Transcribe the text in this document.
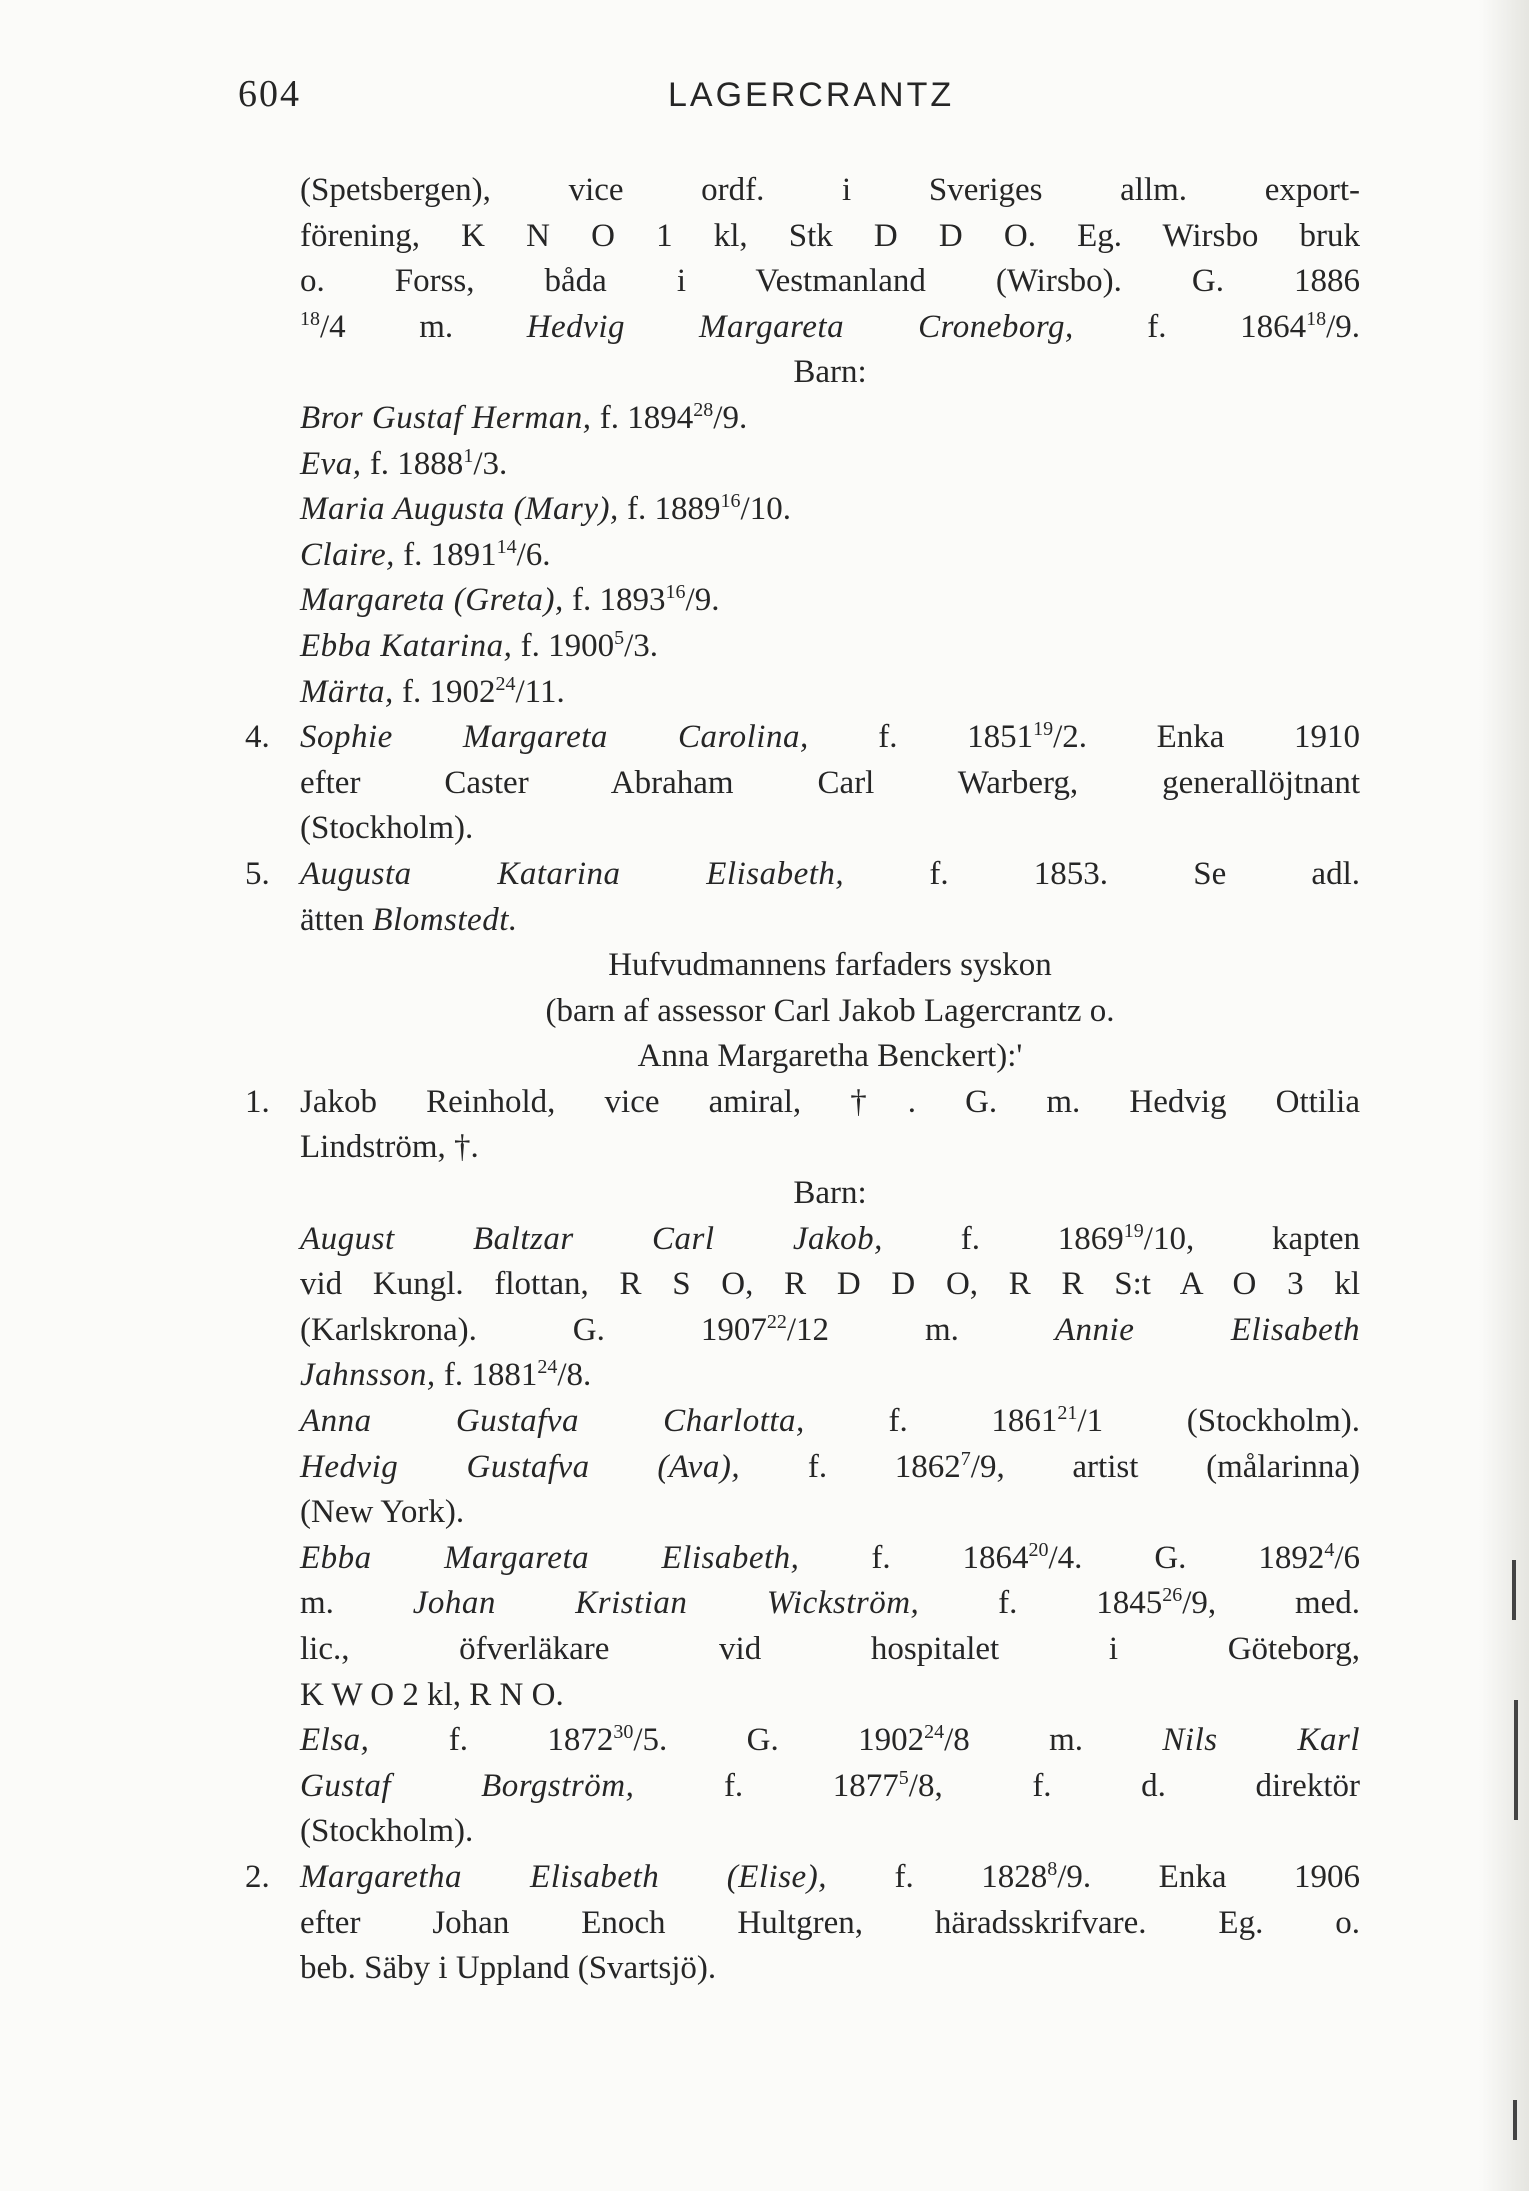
604	LAGERCRANTZ
(Spetsbergen), vice ordf. i Sveriges allm. export-
förening, K N O 1 kl, Stk D D O. Eg. Wirsbo bruk
o. Forss, båda i Vestmanland (Wirsbo). G. 1886
$^{18}$/4 m. Hedvig Margareta Croneborg, f. 1864$^{18}$/9.
Barn:
Bror Gustaf Herman, f. 1894$^{28}$/9.
Eva, f. 1888$^1$/3.
Maria Augusta (Mary), f. 1889$^{16}$/10.
Claire, f. 1891$^{14}$/6.
Margareta (Greta), f. 1893$^{16}$/9.
Ebba Katarina, f. 1900$^5$/3.
Märta, f. 1902$^{24}$/11.
4. Sophie Margareta Carolina, f. 1851$^{19}$/2. Enka 1910
efter Caster Abraham Carl Warberg, generallöjtnant
(Stockholm).
5. Augusta Katarina Elisabeth,	f. 1853. Se adl.
ätten Blomstedt.
Hufvudmannens farfaders syskon
(barn af assessor Carl Jakob Lagercrantz o.
Anna Margaretha Benckert):'
1. Jakob Reinhold, vice amiral, †. G. m. Hedvig Ottilia
Lindström, †.
Barn:
August Baltzar Carl Jakob, f. 1869$^{19}$/10, kapten
vid Kungl. flottan, R S O, R D D O, R R S:t A O 3 kl
(Karlskrona). G. 1907$^{22}$/12 m.	Annie Elisabeth
Jahnsson, f. 1881$^{24}$/8.
Anna Gustafva Charlotta,	f. 1861$^{21}$/1 (Stockholm).
Hedvig Gustafva (Ava), f. 1862$^7$/9, artist (målarinna)
(New York).
Ebba Margareta Elisabeth, f. 1864$^{20}$/4. G. 1892$^4$/6
m. Johan Kristian Wickström, f. 1845$^{26}$/9, med.
lic., öfverläkare vid hospitalet i Göteborg,
K W O 2 kl, R N O.
Elsa, f. 1872$^{30}$/5. G. 1902$^{24}$/8 m. Nils Karl
Gustaf Borgström,	f. 1877$^5$/8, f. d. direktör
(Stockholm).
2. Margaretha Elisabeth (Elise), f. 1828$^8$/9. Enka 1906
efter Johan Enoch Hultgren, häradsskrifvare. Eg. o.
beb. Säby i Uppland (Svartsjö).
